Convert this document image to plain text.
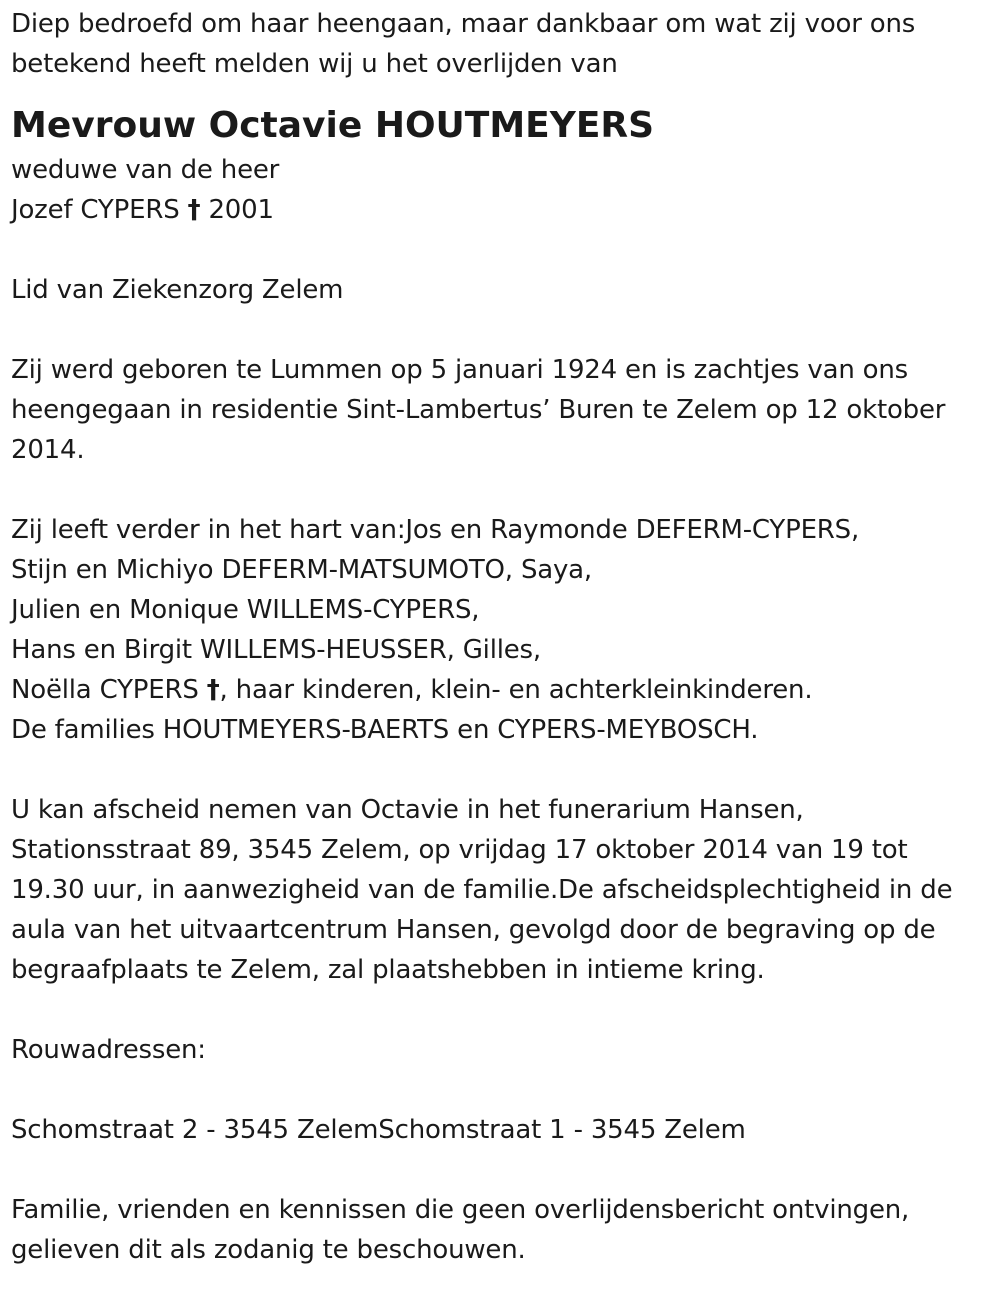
Diep bedroefd om haar heengaan, maar dankbaar om wat zij voor ons
betekend heeft melden wij u het overlijden van
Mevrouw Octavie HOUTMEYERS
weduwe van de heer
Jozef CYPERS † 2001
Lid van Ziekenzorg Zelem
Zij werd geboren te Lummen op 5 januari 1924 en is zachtjes van ons
heengegaan in residentie Sint-Lambertus’ Buren te Zelem op 12 oktober
2014.
Zij leeft verder in het hart van:Jos en Raymonde DEFERM-CYPERS,
Stijn en Michiyo DEFERM-MATSUMOTO, Saya,
Julien en Monique WILLEMS-CYPERS,
Hans en Birgit WILLEMS-HEUSSER, Gilles,
Noëlla CYPERS †, haar kinderen, klein- en achterkleinkinderen.
De families HOUTMEYERS-BAERTS en CYPERS-MEYBOSCH.
U kan afscheid nemen van Octavie in het funerarium Hansen,
Stationsstraat 89, 3545 Zelem, op vrijdag 17 oktober 2014 van 19 tot
19.30 uur, in aanwezigheid van de familie.De afscheidsplechtigheid in de
aula van het uitvaartcentrum Hansen, gevolgd door de begraving op de
begraafplaats te Zelem, zal plaatshebben in intieme kring.
Rouwadressen:
Schomstraat 2 - 3545 ZelemSchomstraat 1 - 3545 Zelem
Familie, vrienden en kennissen die geen overlijdensbericht ontvingen,
gelieven dit als zodanig te beschouwen.
